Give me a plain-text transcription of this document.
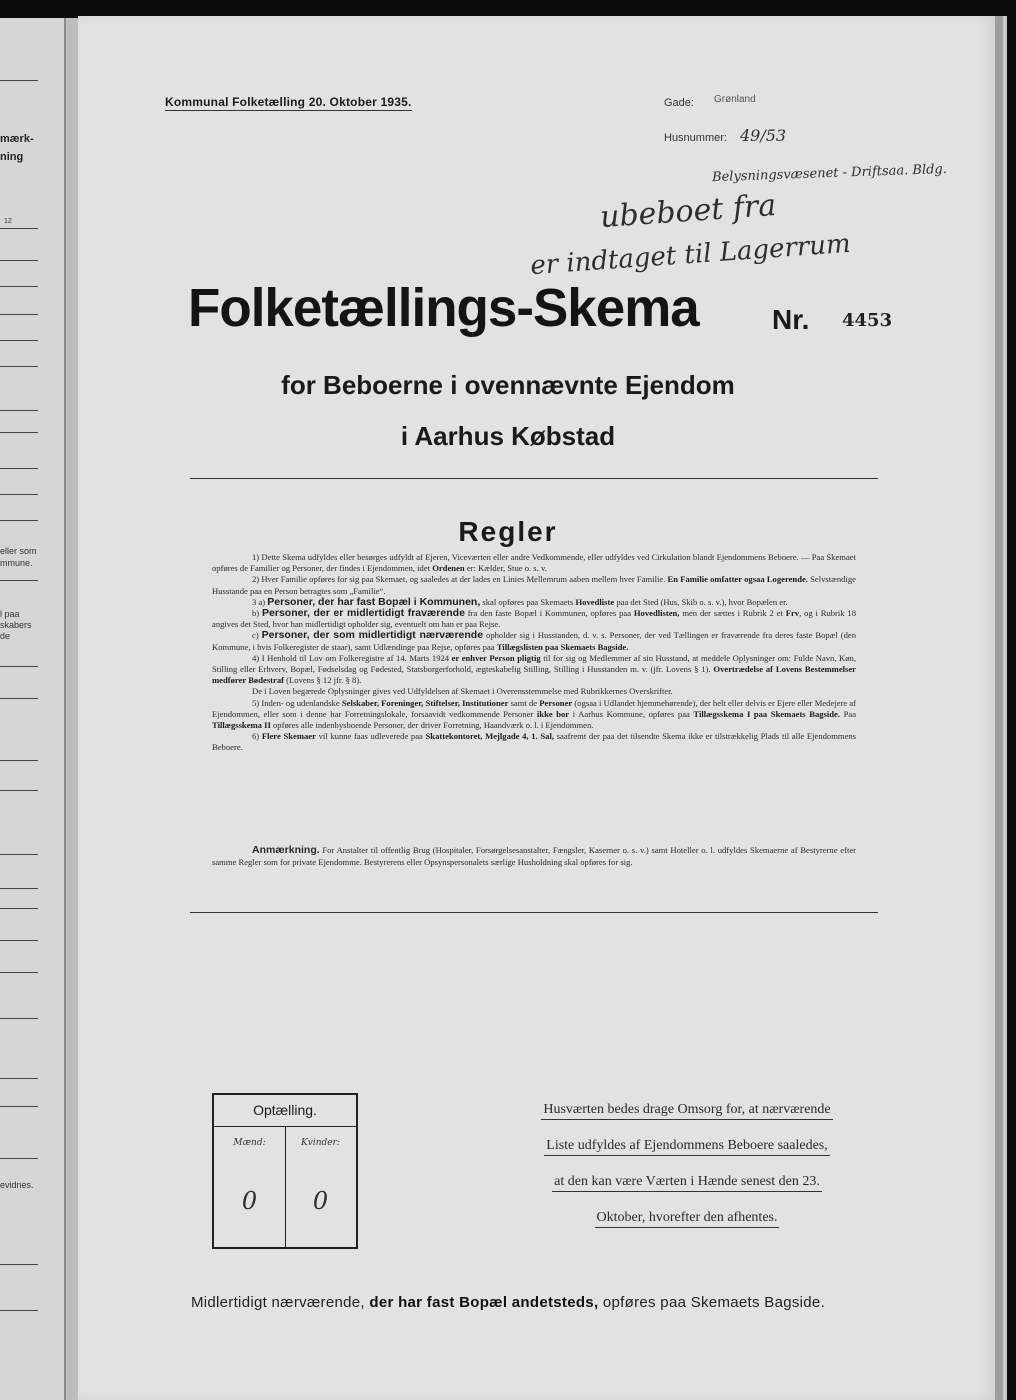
mærk-
ning
12
eller som
mmune.
l paa
skabers
de
evidnes.
Kommunal Folketælling 20. Oktober 1935.	Gade: Grønland
Husnummer: 49/53
Belysningsvæsenet - Driftsaa. Bldg.
ubeboet fra
er indtaget til Lagerrum
Folketællings-Skema	Nr. 4453
for Beboerne i ovennævnte Ejendom
i Aarhus Købstad
Regler

1) Dette Skema udfyldes eller besørges udfyldt af Ejeren, Viceværten eller andre Vedkommende, eller udfyldes ved Cirkulation blandt Ejendommens Beboere. — Paa Skemaet opføres de Familier og Personer, der findes i Ejendommen, idet Ordenen er: Kælder, Stue o. s. v.

2) Hver Familie opføres for sig paa Skemaet, og saaledes at der lades en Linies Mellemrum aaben mellem hver Familie. En Familie omfatter ogsaa Logerende. Selvstændige Husstande paa en Person betragtes som „Familie“.

3 a) Personer, der har fast Bopæl i Kommunen, skal opføres paa Skemaets Hovedliste paa det Sted (Hus, Skib o. s. v.), hvor Bopælen er.

b) Personer, der er midlertidigt fraværende fra den faste Bopæl i Kommunen, opføres paa Hovedlisten, men der sættes i Rubrik 2 et Frv, og i Rubrik 18 angives det Sted, hvor han midlertidigt opholder sig, eventuelt om han er paa Rejse.

c) Personer, der som midlertidigt nærværende opholder sig i Husstanden, d. v. s. Personer, der ved Tællingen er fraværende fra deres faste Bopæl (den Kommune, i hvis Folkeregister de staar), samt Udlændinge paa Rejse, opføres paa Tillægslisten paa Skemaets Bagside.

4) I Henhold til Lov om Folkeregistre af 14. Marts 1924 er enhver Person pligtig til for sig og Medlemmer af sin Husstand, at meddele Oplysninger om: Fulde Navn, Køn, Stilling eller Erhverv, Bopæl, Fødselsdag og Fødested, Statsborgerforhold, ægteskabelig Stilling, Stilling i Husstanden m. v. (jfr. Lovens § 1). Overtrædelse af Lovens Bestemmelser medfører Bødestraf (Lovens § 12 jfr. § 8).

De i Loven begærede Oplysninger gives ved Udfyldelsen af Skemaet i Overensstemmelse med Rubrikkernes Overskrifter.

5) Inden- og udenlandske Selskaber, Foreninger, Stiftelser, Institutioner samt de Personer (ogsaa i Udlandet hjemmehørende), der helt eller delvis er Ejere eller Medejere af Ejendommen, eller som i denne har Forretningslokale, forsaavidt vedkommende Personer ikke bor i Aarhus Kommune, opføres paa Tillægsskema I paa Skemaets Bagside. Paa Tillægsskema II opføres alle indenbysboende Personer, der driver Forretning, Haandværk o. l. i Ejendommen.

6) Flere Skemaer vil kunne faas udleverede paa Skattekontoret, Mejlgade 4, 1. Sal, saafremt der paa det tilsendte Skema ikke er tilstrækkelig Plads til alle Ejendommens Beboere.

Anmærkning. For Anstalter til offentlig Brug (Hospitaler, Forsørgelsesanstalter, Fængsler, Kaserner o. s. v.) samt Hoteller o. l. udfyldes Skemaerne af Bestyrerne efter samme Regler som for private Ejendomme. Bestyrerens eller Opsynspersonalets særlige Husholdning skal opføres for sig.

Optælling.
Mænd:	Kvinder:
0	0
Husværten bedes drage Omsorg for, at nærværende
Liste udfyldes af Ejendommens Beboere saaledes,
at den kan være Værten i Hænde senest den 23.
Oktober, hvorefter den afhentes.
Midlertidigt nærværende, der har fast Bopæl andetsteds, opføres paa Skemaets Bagside.
